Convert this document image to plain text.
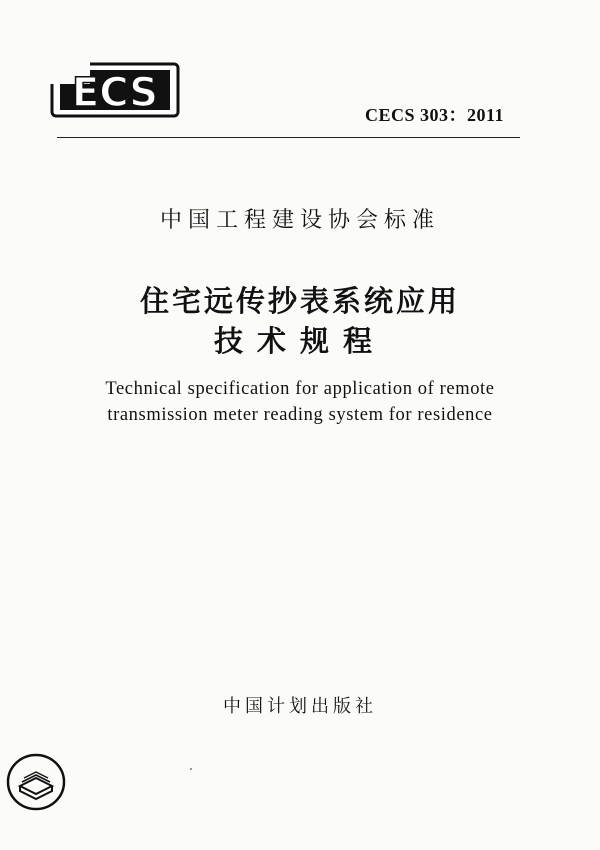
ECS	CECS 303：2011
中国工程建设协会标准
住宅远传抄表系统应用
技术规程
Technical specification for application of remote
transmission meter reading system for residence
中国计划出版社
